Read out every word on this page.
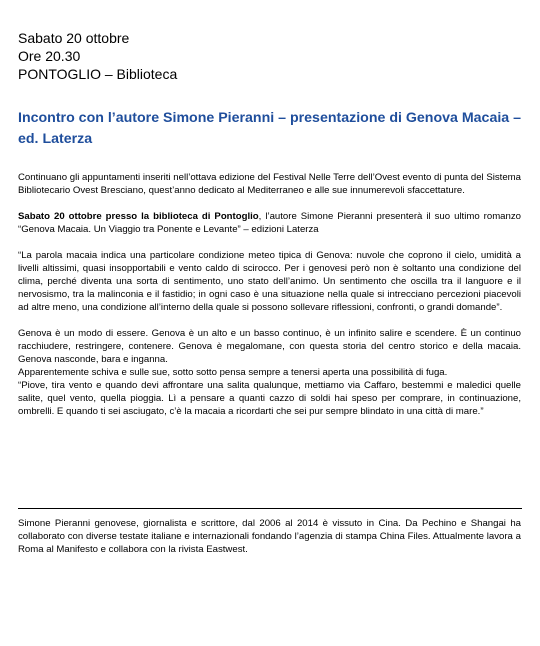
Sabato 20 ottobre

Ore 20.30

PONTOGLIO – Biblioteca

Incontro con l’autore Simone Pieranni – presentazione di Genova Macaia – ed. Laterza

Continuano gli appuntamenti inseriti nell’ottava edizione del Festival Nelle Terre dell’Ovest evento di punta del Sistema Bibliotecario Ovest Bresciano, quest’anno dedicato al Mediterraneo e alle sue innumerevoli sfaccettature.

Sabato 20 ottobre presso la biblioteca di Pontoglio, l’autore Simone Pieranni presenterà il suo ultimo romanzo “Genova Macaia. Un Viaggio tra Ponente e Levante” – edizioni Laterza

“La parola macaia indica una particolare condizione meteo tipica di Genova: nuvole che coprono il cielo, umidità a livelli altissimi, quasi insopportabili e vento caldo di scirocco. Per i genovesi però non è soltanto una condizione del clima, perché diventa una sorta di sentimento, uno stato dell’animo. Un sentimento che oscilla tra il languore e il nervosismo, tra la malinconia e il fastidio; in ogni caso è una situazione nella quale si intrecciano percezioni piacevoli ad altre meno, una condizione all’interno della quale si possono sollevare riflessioni, confronti, o grandi domande”.

Genova è un modo di essere. Genova è un alto e un basso continuo, è un infinito salire e scendere. È un continuo racchiudere, restringere, contenere. Genova è megalomane, con questa storia del centro storico e della macaia. Genova nasconde, bara e inganna.

Apparentemente schiva e sulle sue, sotto sotto pensa sempre a tenersi aperta una possibilità di fuga.

“Piove, tira vento e quando devi affrontare una salita qualunque, mettiamo via Caffaro, bestemmi e maledici quelle salite, quel vento, quella pioggia. Lì a pensare a quanti cazzo di soldi hai speso per comprare, in continuazione, ombrelli. E quando ti sei asciugato, c’è la macaia a ricordarti che sei pur sempre blindato in una città di mare.”

Simone Pieranni genovese, giornalista e scrittore, dal 2006 al 2014 è vissuto in Cina. Da Pechino e Shangai ha collaborato con diverse testate italiane e internazionali fondando l’agenzia di stampa China Files. Attualmente lavora a Roma al Manifesto e collabora con la rivista Eastwest.
